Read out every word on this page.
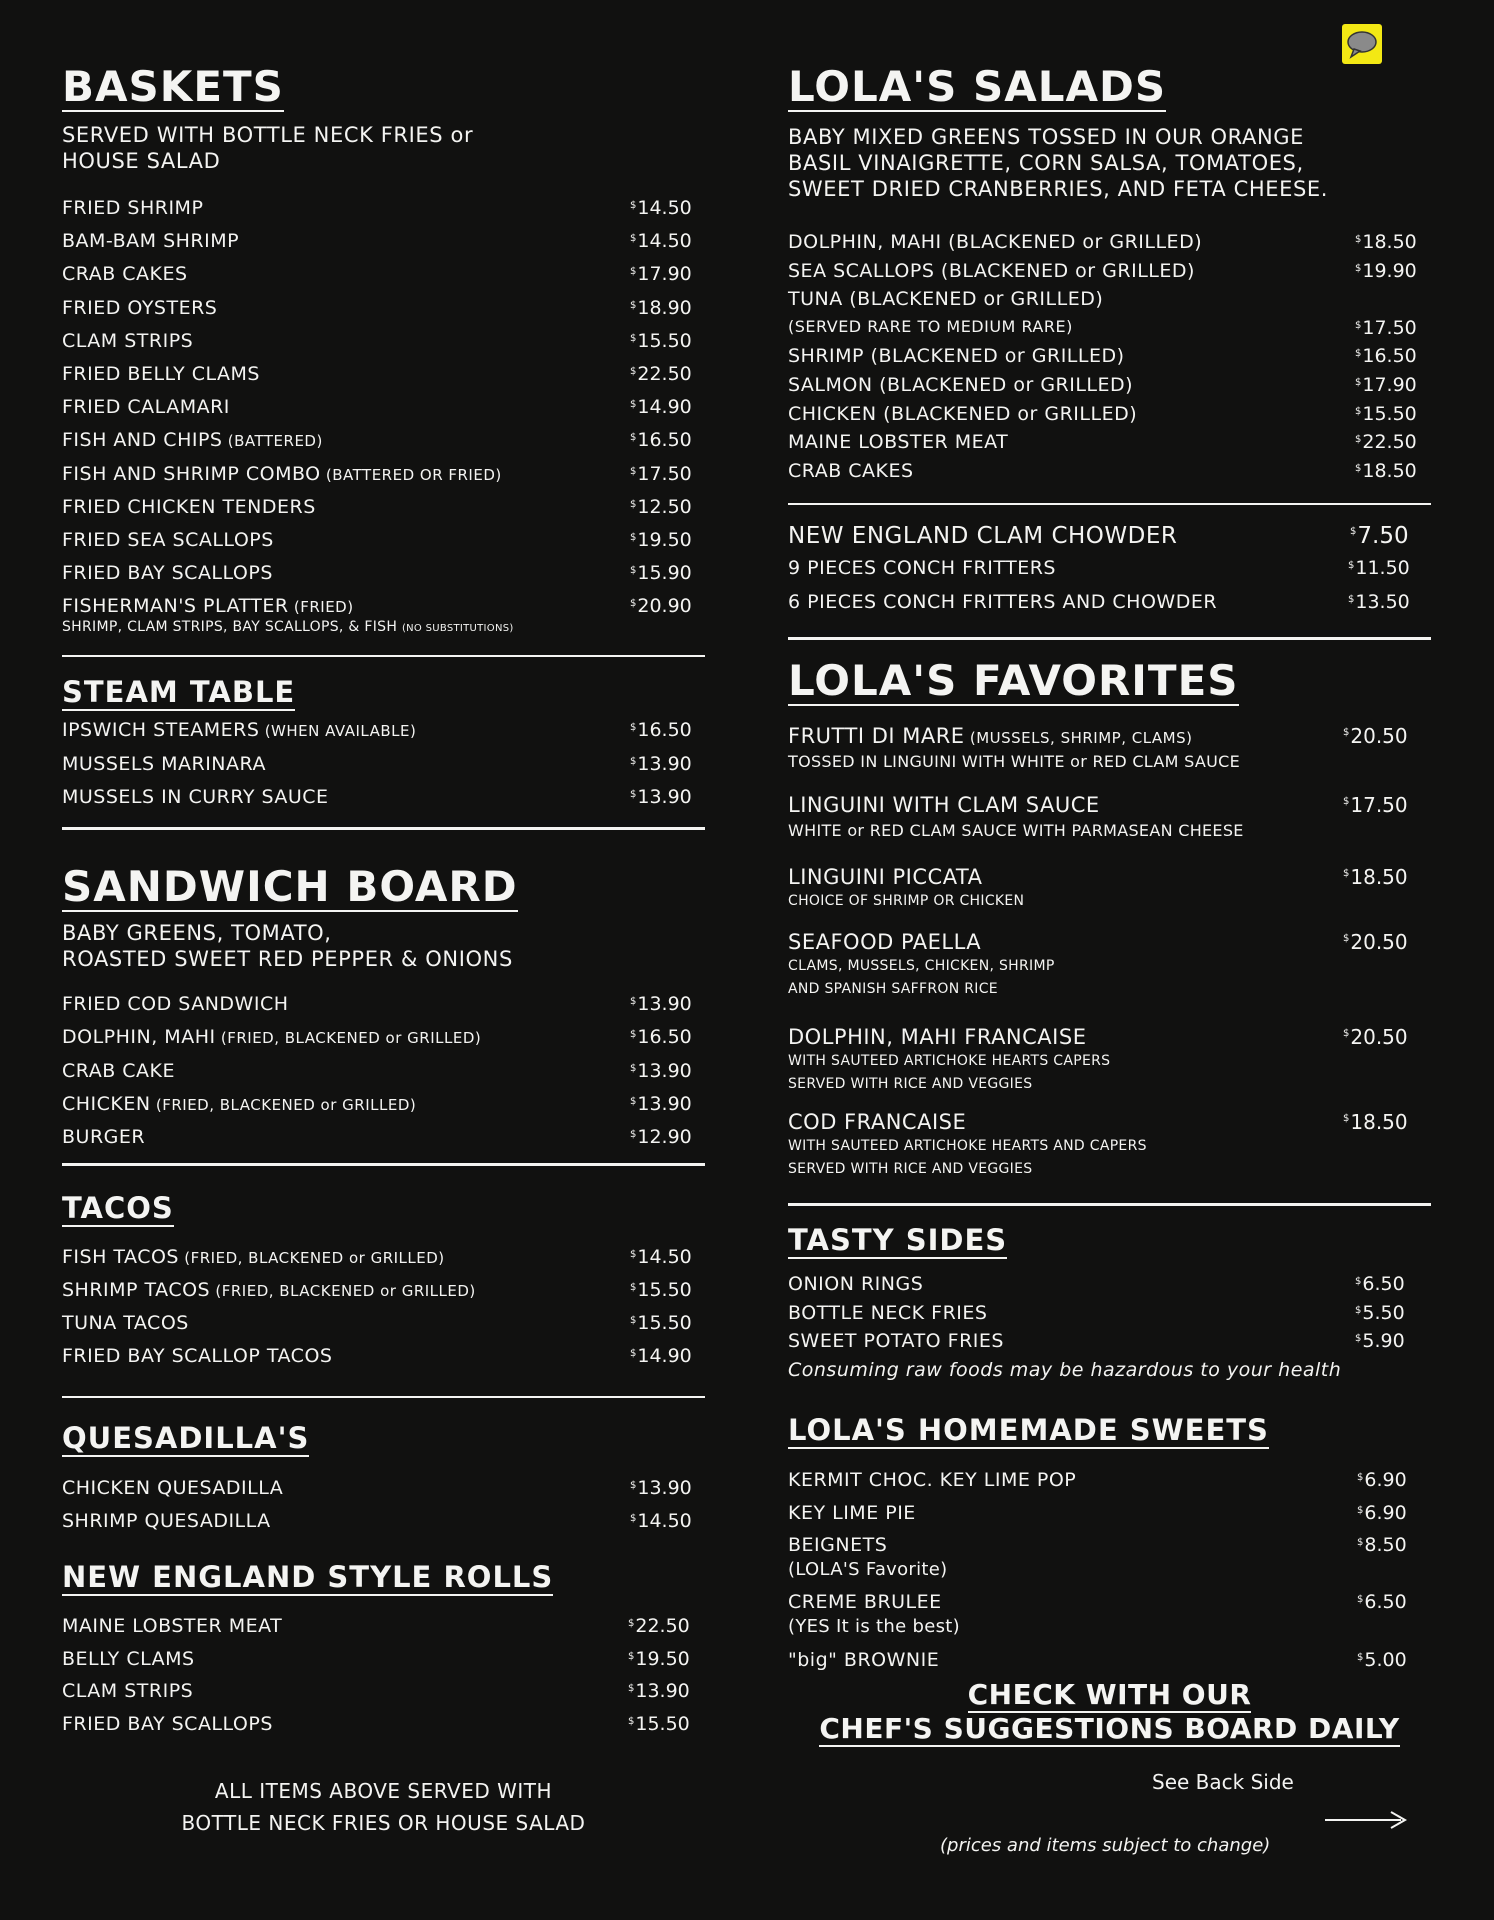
BASKETS
SERVED WITH BOTTLE NECK FRIES or
HOUSE SALAD
FRIED SHRIMP	$14.50
BAM-BAM SHRIMP	$14.50
CRAB CAKES	$17.90
FRIED OYSTERS	$18.90
CLAM STRIPS	$15.50
FRIED BELLY CLAMS	$22.50
FRIED CALAMARI	$14.90
FISH AND CHIPS (BATTERED)	$16.50
FISH AND SHRIMP COMBO (BATTERED OR FRIED)	$17.50
FRIED CHICKEN TENDERS	$12.50
FRIED SEA SCALLOPS	$19.50
FRIED BAY SCALLOPS	$15.90
FISHERMAN'S PLATTER (FRIED)	$20.90
SHRIMP, CLAM STRIPS, BAY SCALLOPS, & FISH (NO SUBSTITUTIONS)
STEAM TABLE
IPSWICH STEAMERS (WHEN AVAILABLE)	$16.50
MUSSELS MARINARA	$13.90
MUSSELS IN CURRY SAUCE	$13.90
SANDWICH BOARD
BABY GREENS, TOMATO,
ROASTED SWEET RED PEPPER & ONIONS
FRIED COD SANDWICH	$13.90
DOLPHIN, MAHI (FRIED, BLACKENED or GRILLED)	$16.50
CRAB CAKE	$13.90
CHICKEN (FRIED, BLACKENED or GRILLED)	$13.90
BURGER	$12.90
TACOS
FISH TACOS (FRIED, BLACKENED or GRILLED)	$14.50
SHRIMP TACOS (FRIED, BLACKENED or GRILLED)	$15.50
TUNA TACOS	$15.50
FRIED BAY SCALLOP TACOS	$14.90
QUESADILLA'S
CHICKEN QUESADILLA	$13.90
SHRIMP QUESADILLA	$14.50
NEW ENGLAND STYLE ROLLS
MAINE LOBSTER MEAT	$22.50
BELLY CLAMS	$19.50
CLAM STRIPS	$13.90
FRIED BAY SCALLOPS	$15.50
ALL ITEMS ABOVE SERVED WITH
BOTTLE NECK FRIES OR HOUSE SALAD
LOLA'S SALADS
BABY MIXED GREENS TOSSED IN OUR ORANGE
BASIL VINAIGRETTE, CORN SALSA, TOMATOES,
SWEET DRIED CRANBERRIES, AND FETA CHEESE.
DOLPHIN, MAHI (BLACKENED or GRILLED)	$18.50
SEA SCALLOPS (BLACKENED or GRILLED)	$19.90
TUNA (BLACKENED or GRILLED)
(SERVED RARE TO MEDIUM RARE)	$17.50
SHRIMP (BLACKENED or GRILLED)	$16.50
SALMON (BLACKENED or GRILLED)	$17.90
CHICKEN (BLACKENED or GRILLED)	$15.50
MAINE LOBSTER MEAT	$22.50
CRAB CAKES	$18.50
NEW ENGLAND CLAM CHOWDER	$7.50
9 PIECES CONCH FRITTERS	$11.50
6 PIECES CONCH FRITTERS AND CHOWDER	$13.50
LOLA'S FAVORITES
FRUTTI DI MARE (MUSSELS, SHRIMP, CLAMS)	$20.50
TOSSED IN LINGUINI WITH WHITE or RED CLAM SAUCE
LINGUINI WITH CLAM SAUCE	$17.50
WHITE or RED CLAM SAUCE WITH PARMASEAN CHEESE
LINGUINI PICCATA	$18.50
CHOICE OF SHRIMP OR CHICKEN
SEAFOOD PAELLA	$20.50
CLAMS, MUSSELS, CHICKEN, SHRIMP
AND SPANISH SAFFRON RICE
DOLPHIN, MAHI FRANCAISE	$20.50
WITH SAUTEED ARTICHOKE HEARTS CAPERS
SERVED WITH RICE AND VEGGIES
COD FRANCAISE	$18.50
WITH SAUTEED ARTICHOKE HEARTS AND CAPERS
SERVED WITH RICE AND VEGGIES
TASTY SIDES
ONION RINGS	$6.50
BOTTLE NECK FRIES	$5.50
SWEET POTATO FRIES	$5.90
Consuming raw foods may be hazardous to your health
LOLA'S HOMEMADE SWEETS
KERMIT CHOC. KEY LIME POP	$6.90
KEY LIME PIE	$6.90
BEIGNETS	$8.50
(LOLA'S Favorite)
CREME BRULEE	$6.50
(YES It is the best)
"big" BROWNIE	$5.00
CHECK WITH OUR
CHEF'S SUGGESTIONS BOARD DAILY
See Back Side
(prices and items subject to change)
